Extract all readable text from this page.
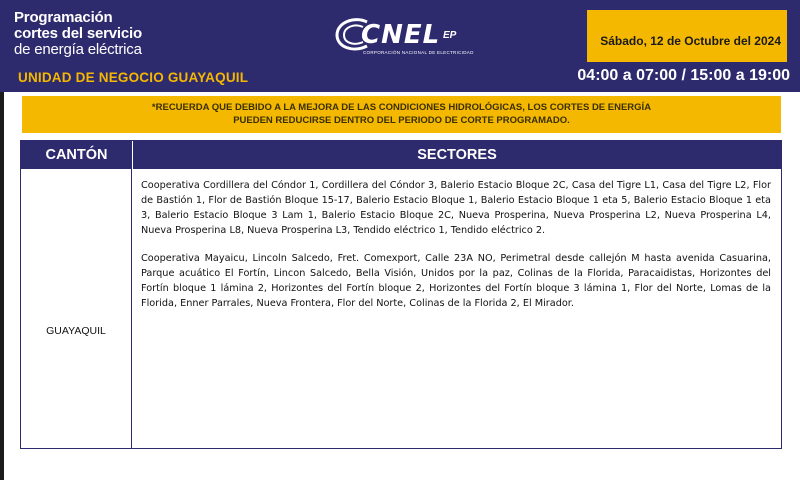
Programación
cortes del servicio
de energía eléctrica
UNIDAD DE NEGOCIO GUAYAQUIL
CNEL EP
CORPORACIÓN NACIONAL DE ELECTRICIDAD
Sábado, 12 de Octubre del 2024
04:00 a 07:00 / 15:00 a 19:00
*RECUERDA QUE DEBIDO A LA MEJORA DE LAS CONDICIONES HIDROLÓGICAS, LOS CORTES DE ENERGÍA
PUEDEN REDUCIRSE DENTRO DEL PERIODO DE CORTE PROGRAMADO.
CANTÓN	SECTORES
GUAYAQUIL

Cooperativa Cordillera del Cóndor 1, Cordillera del Cóndor 3, Balerio Estacio Bloque 2C, Casa del Tigre L1, Casa del Tigre L2, Flor de Bastión 1, Flor de Bastión Bloque 15-17, Balerio Estacio Bloque 1, Balerio Estacio Bloque 1 eta 5, Balerio Estacio Bloque 1 eta 3, Balerio Estacio Bloque 3 Lam 1, Balerio Estacio Bloque 2C, Nueva Prosperina, Nueva Prosperina L2, Nueva Prosperina L4, Nueva Prosperina L8, Nueva Prosperina L3, Tendido eléctrico 1, Tendido eléctrico 2.

Cooperativa Mayaicu, Lincoln Salcedo, Fret. Comexport, Calle 23A NO, Perimetral desde callejón M hasta avenida Casuarina, Parque acuático El Fortín, Lincon Salcedo, Bella Visión, Unidos por la paz, Colinas de la Florida, Paracaidistas, Horizontes del Fortín bloque 1 lámina 2, Horizontes del Fortín bloque 2, Horizontes del Fortín bloque 3 lámina 1, Flor del Norte, Lomas de la Florida, Enner Parrales, Nueva Frontera, Flor del Norte, Colinas de la Florida 2, El Mirador.
